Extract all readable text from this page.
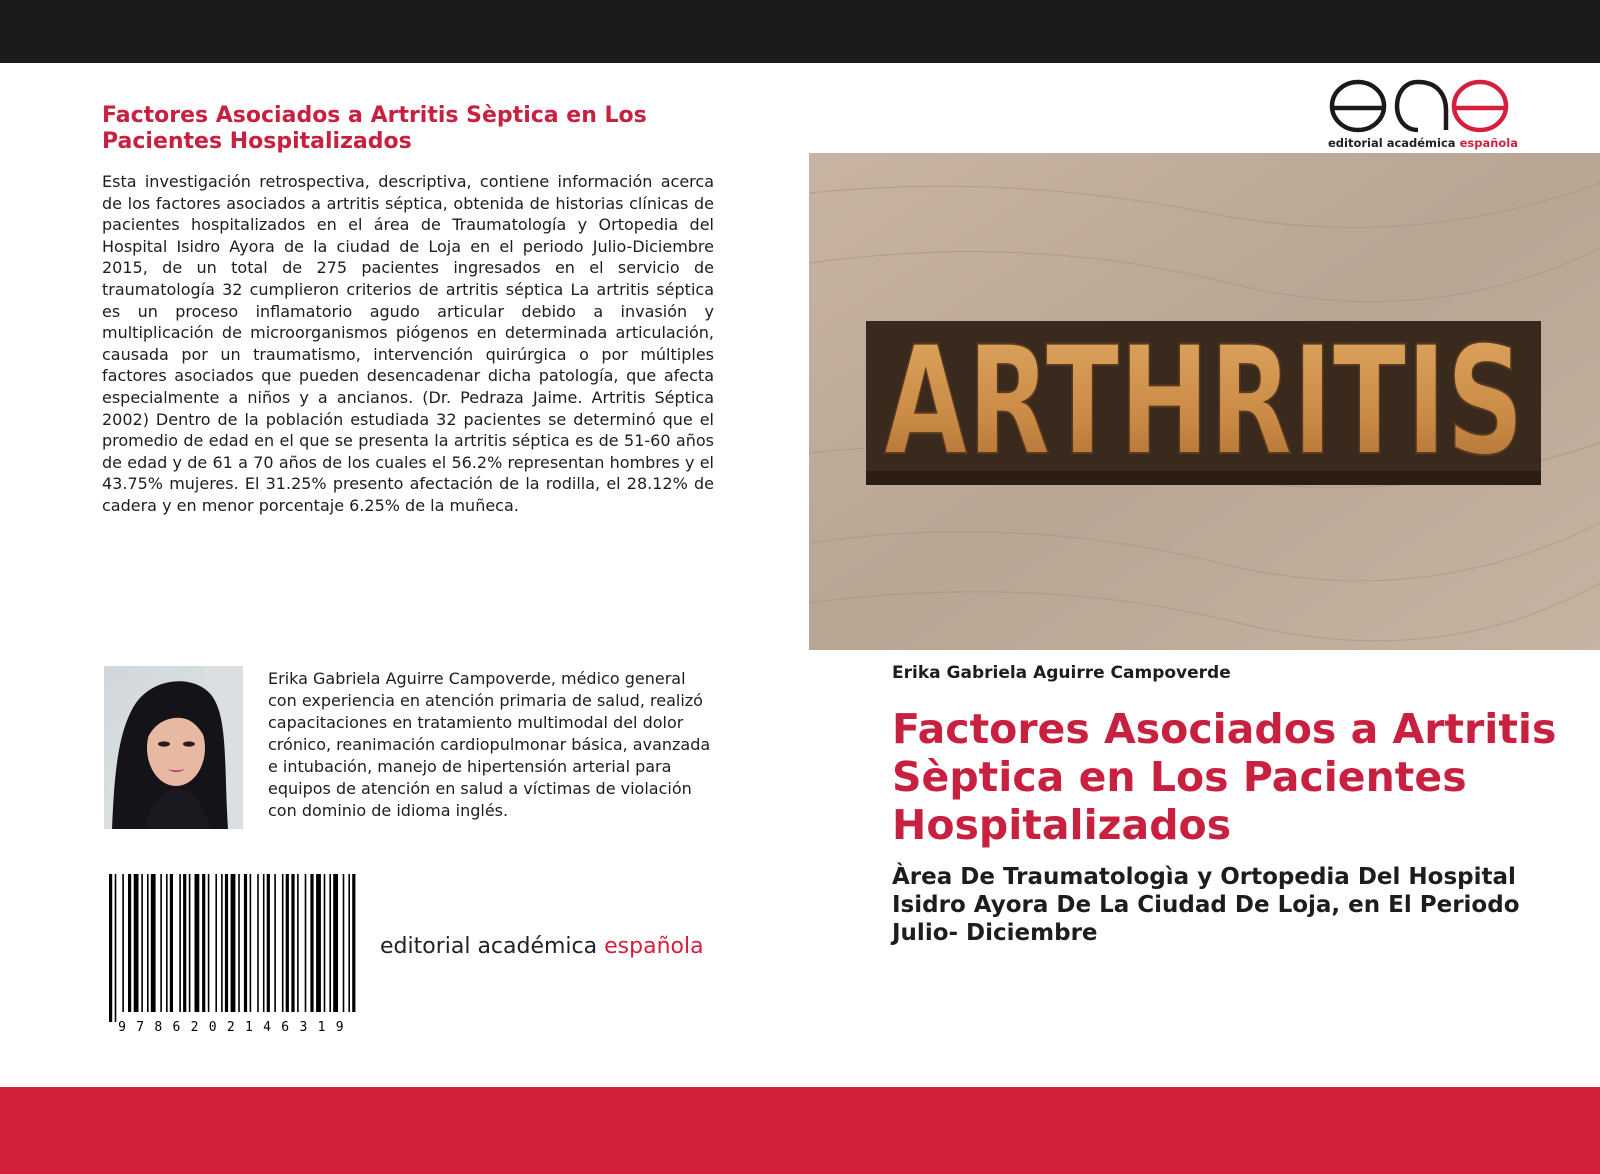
Factores Asociados a Artritis Sèptica en Los Pacientes Hospitalizados

Esta investigación retrospectiva, descriptiva, contiene información acerca de los factores asociados a artritis séptica, obtenida de historias clínicas de pacientes hospitalizados en el área de Traumatología y Ortopedia del Hospital Isidro Ayora de la ciudad de Loja en el periodo Julio-Diciembre 2015, de un total de 275 pacientes ingresados en el servicio de traumatología 32 cumplieron criterios de artritis séptica La artritis séptica es un proceso inflamatorio agudo articular debido a invasión y multiplicación de microorganismos piógenos en determinada articulación, causada por un traumatismo, intervención quirúrgica o por múltiples factores asociados que pueden desencadenar dicha patología, que afecta especialmente a niños y a ancianos. (Dr. Pedraza Jaime. Artritis Séptica 2002) Dentro de la población estudiada 32 pacientes se determinó que el promedio de edad en el que se presenta la artritis séptica es de 51-60 años de edad y de 61 a 70 años de los cuales el 56.2% representan hombres y el 43.75% mujeres. El 31.25% presento afectación de la rodilla, el 28.12% de cadera y en menor porcentaje 6.25% de la muñeca.

Erika Gabriela Aguirre Campoverde, médico general con experiencia en atención primaria de salud, realizó capacitaciones en tratamiento multimodal del dolor crónico, reanimación cardiopulmonar básica, avanzada e intubación, manejo de hipertensión arterial para equipos de atención en salud a víctimas de violación con dominio de idioma inglés.

9786202146319

editorial académica española

editorial académica española
ARTHRITIS

Erika Gabriela Aguirre Campoverde

Factores Asociados a Artritis Sèptica en Los Pacientes Hospitalizados

Àrea De Traumatologìa y Ortopedia Del Hospital Isidro Ayora De La Ciudad De Loja, en El Periodo Julio- Diciembre
